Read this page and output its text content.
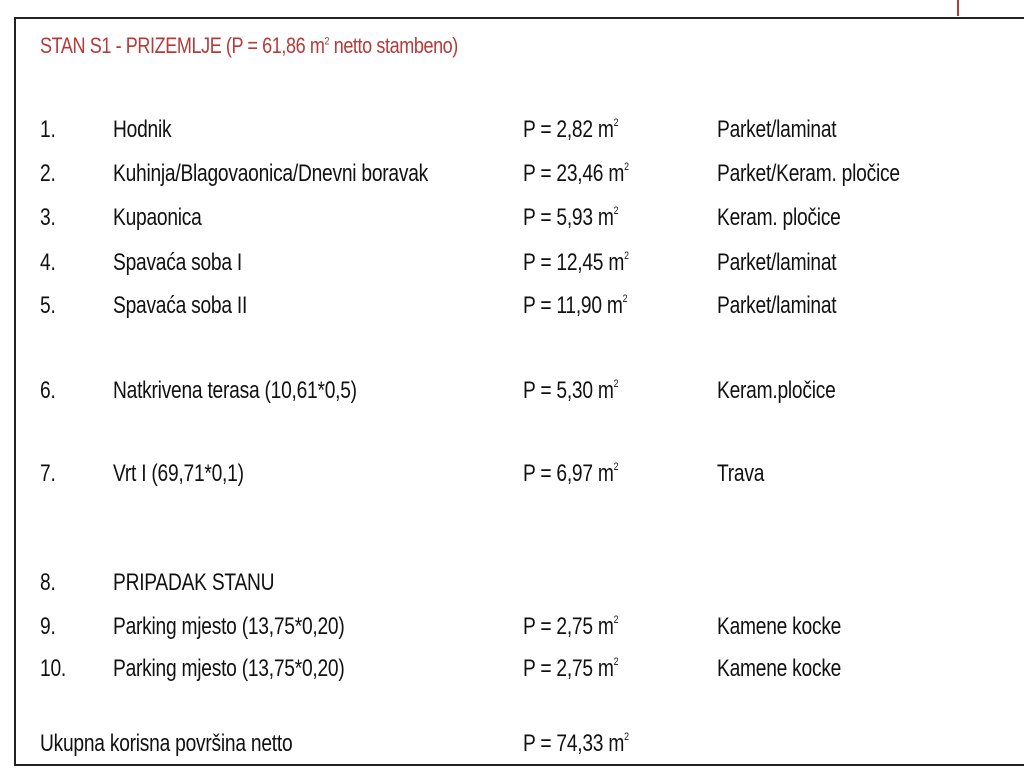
STAN S1 - PRIZEMLJE (P = 61,86 $m^2$ netto stambeno)
1. Hodnik	P = 2,82 $m^2$	Parket/laminat
2. Kuhinja/Blagovaonica/Dnevni boravak	P = 23,46 $m^2$	Parket/Keram. pločice
3. Kupaonica	P = 5,93 $m^2$	Keram. pločice
4. Spavaća soba I	P = 12,45 $m^2$	Parket/laminat
5. Spavaća soba II	P = 11,90 $m^2$	Parket/laminat
6. Natkrivena terasa (10,61*0,5)	P = 5,30 $m^2$	Keram.pločice
7. Vrt I (69,71*0,1)	P = 6,97 $m^2$	Trava
8. PRIPADAK STANU
9. Parking mjesto (13,75*0,20)	P = 2,75 $m^2$	Kamene kocke
10. Parking mjesto (13,75*0,20)	P = 2,75 $m^2$	Kamene kocke
Ukupna korisna površina netto	P = 74,33 $m^2$
